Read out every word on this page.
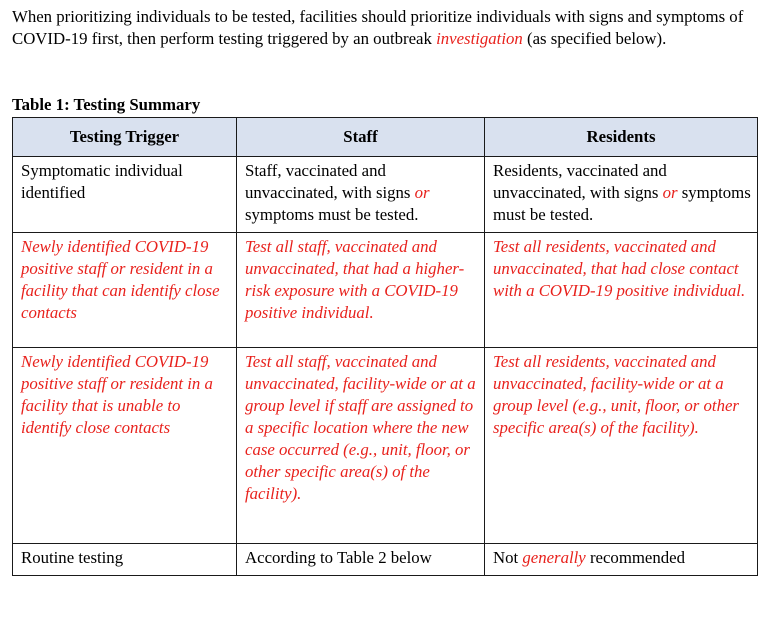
When prioritizing individuals to be tested, facilities should prioritize individuals with signs and symptoms of COVID-19 first, then perform testing triggered by an outbreak investigation (as specified below).

Table 1: Testing Summary
Testing Trigger	Staff	Residents
Symptomatic individual identified	Staff, vaccinated and unvaccinated, with signs or symptoms must be tested.	Residents, vaccinated and unvaccinated, with signs or symptoms must be tested.
Newly identified COVID-19 positive staff or resident in a facility that can identify close contacts	Test all staff, vaccinated and unvaccinated, that had a higher-risk exposure with a COVID-19 positive individual.	Test all residents, vaccinated and unvaccinated, that had close contact with a COVID-19 positive individual.
Newly identified COVID-19 positive staff or resident in a facility that is unable to identify close contacts	Test all staff, vaccinated and unvaccinated, facility-wide or at a group level if staff are assigned to a specific location where the new case occurred (e.g., unit, floor, or other specific area(s) of the facility).	Test all residents, vaccinated and unvaccinated, facility-wide or at a group level (e.g., unit, floor, or other specific area(s) of the facility).
Routine testing	According to Table 2 below	Not generally recommended
